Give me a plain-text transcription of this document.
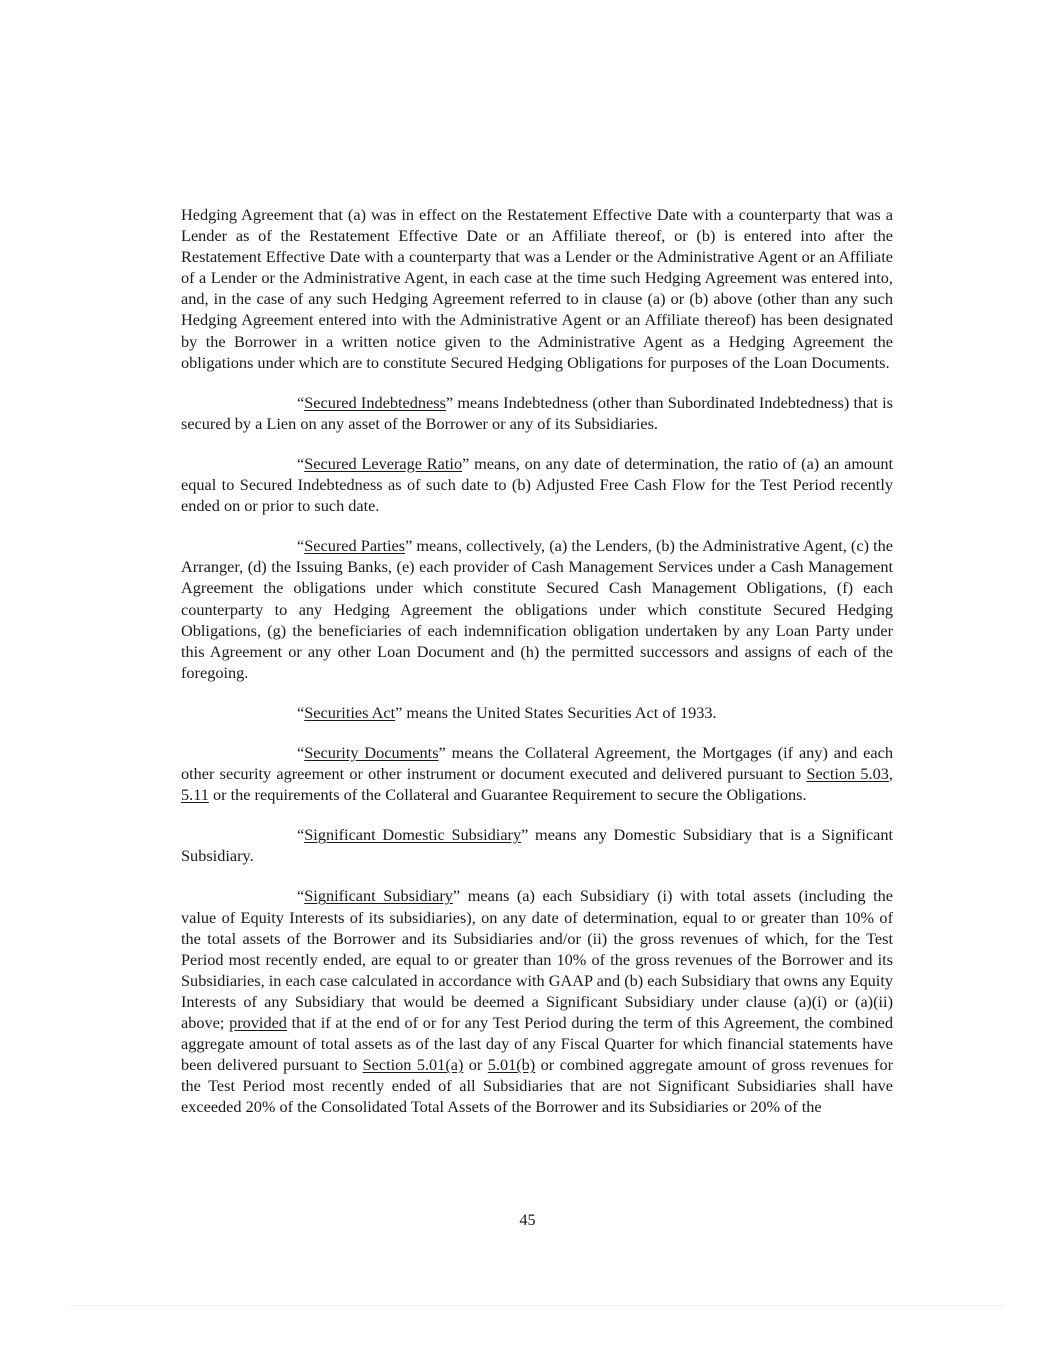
Hedging Agreement that (a) was in effect on the Restatement Effective Date with a counterparty that was a Lender as of the Restatement Effective Date or an Affiliate thereof, or (b) is entered into after the Restatement Effective Date with a counterparty that was a Lender or the Administrative Agent or an Affiliate of a Lender or the Administrative Agent, in each case at the time such Hedging Agreement was entered into, and, in the case of any such Hedging Agreement referred to in clause (a) or (b) above (other than any such Hedging Agreement entered into with the Administrative Agent or an Affiliate thereof) has been designated by the Borrower in a written notice given to the Administrative Agent as a Hedging Agreement the obligations under which are to constitute Secured Hedging Obligations for purposes of the Loan Documents.

“Secured Indebtedness” means Indebtedness (other than Subordinated Indebtedness) that is secured by a Lien on any asset of the Borrower or any of its Subsidiaries.

“Secured Leverage Ratio” means, on any date of determination, the ratio of (a) an amount equal to Secured Indebtedness as of such date to (b) Adjusted Free Cash Flow for the Test Period recently ended on or prior to such date.

“Secured Parties” means, collectively, (a) the Lenders, (b) the Administrative Agent, (c) the Arranger, (d) the Issuing Banks, (e) each provider of Cash Management Services under a Cash Management Agreement the obligations under which constitute Secured Cash Management Obligations, (f) each counterparty to any Hedging Agreement the obligations under which constitute Secured Hedging Obligations, (g) the beneficiaries of each indemnification obligation undertaken by any Loan Party under this Agreement or any other Loan Document and (h) the permitted successors and assigns of each of the foregoing.

“Securities Act” means the United States Securities Act of 1933.

“Security Documents” means the Collateral Agreement, the Mortgages (if any) and each other security agreement or other instrument or document executed and delivered pursuant to Section 5.03, 5.11 or the requirements of the Collateral and Guarantee Requirement to secure the Obligations.

“Significant Domestic Subsidiary” means any Domestic Subsidiary that is a Significant Subsidiary.

“Significant Subsidiary” means (a) each Subsidiary (i) with total assets (including the value of Equity Interests of its subsidiaries), on any date of determination, equal to or greater than 10% of the total assets of the Borrower and its Subsidiaries and/or (ii) the gross revenues of which, for the Test Period most recently ended, are equal to or greater than 10% of the gross revenues of the Borrower and its Subsidiaries, in each case calculated in accordance with GAAP and (b) each Subsidiary that owns any Equity Interests of any Subsidiary that would be deemed a Significant Subsidiary under clause (a)(i) or (a)(ii) above; provided that if at the end of or for any Test Period during the term of this Agreement, the combined aggregate amount of total assets as of the last day of any Fiscal Quarter for which financial statements have been delivered pursuant to Section 5.01(a) or 5.01(b) or combined aggregate amount of gross revenues for the Test Period most recently ended of all Subsidiaries that are not Significant Subsidiaries shall have exceeded 20% of the Consolidated Total Assets of the Borrower and its Subsidiaries or 20% of the

45
